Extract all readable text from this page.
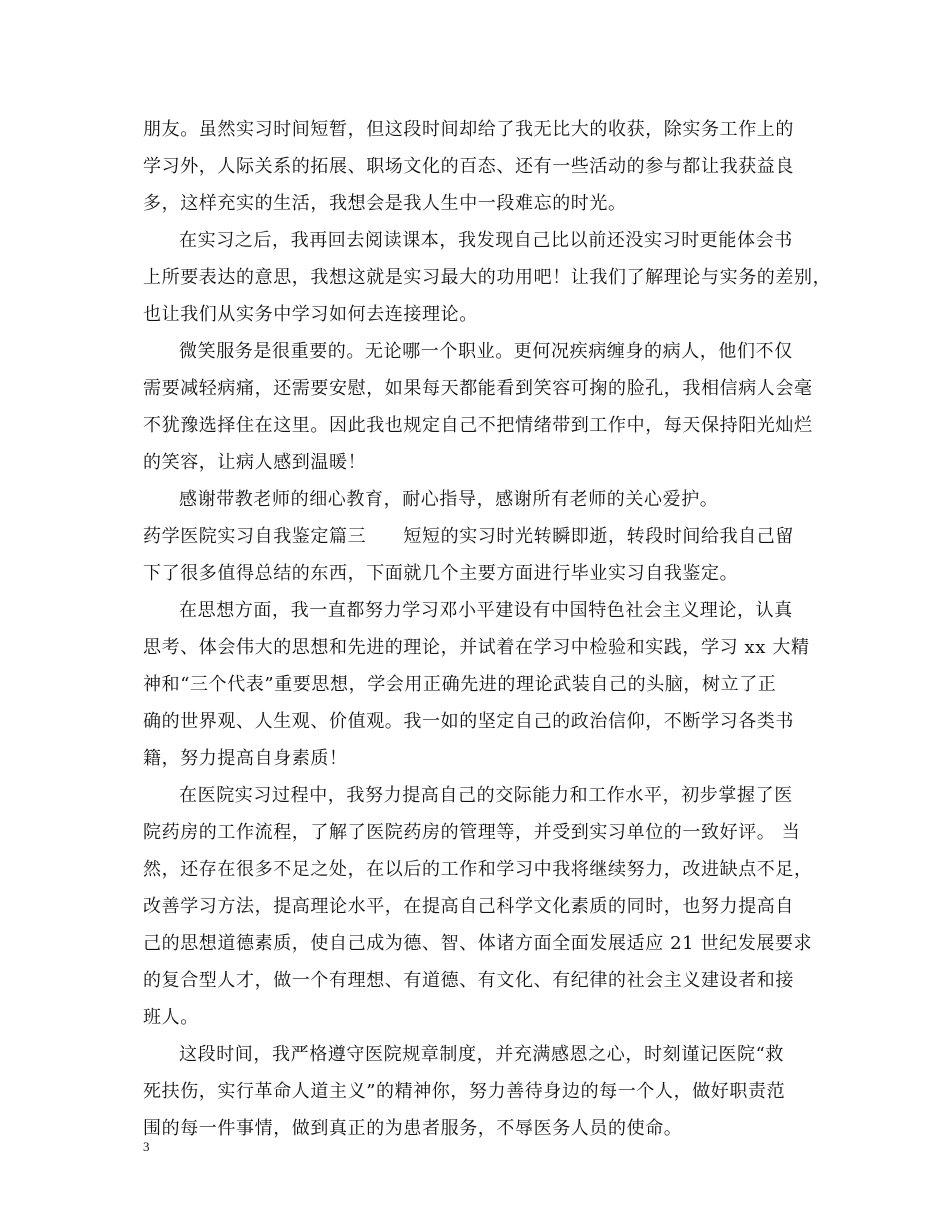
朋友。虽然实习时间短暂，但这段时间却给了我无比大的收获，除实务工作上的
学习外，人际关系的拓展、职场文化的百态、还有一些活动的参与都让我获益良
多，这样充实的生活，我想会是我人生中一段难忘的时光。
在实习之后，我再回去阅读课本，我发现自己比以前还没实习时更能体会书
上所要表达的意思，我想这就是实习最大的功用吧！让我们了解理论与实务的差别，
也让我们从实务中学习如何去连接理论。
微笑服务是很重要的。无论哪一个职业。更何况疾病缠身的病人，他们不仅
需要减轻病痛，还需要安慰，如果每天都能看到笑容可掬的脸孔，我相信病人会毫
不犹豫选择住在这里。因此我也规定自己不把情绪带到工作中，每天保持阳光灿烂
的笑容，让病人感到温暖！
感谢带教老师的细心教育，耐心指导，感谢所有老师的关心爱护。
药学医院实习自我鉴定篇三　　短短的实习时光转瞬即逝，转段时间给我自己留
下了很多值得总结的东西，下面就几个主要方面进行毕业实习自我鉴定。
在思想方面，我一直都努力学习邓小平建设有中国特色社会主义理论，认真
思考、体会伟大的思想和先进的理论，并试着在学习中检验和实践，学习 xx 大精
神和“三个代表”重要思想，学会用正确先进的理论武装自己的头脑，树立了正
确的世界观、人生观、价值观。我一如的坚定自己的政治信仰，不断学习各类书
籍，努力提高自身素质！
在医院实习过程中，我努力提高自己的交际能力和工作水平，初步掌握了医
院药房的工作流程，了解了医院药房的管理等，并受到实习单位的一致好评。 当
然，还存在很多不足之处，在以后的工作和学习中我将继续努力，改进缺点不足，
改善学习方法，提高理论水平，在提高自己科学文化素质的同时，也努力提高自
己的思想道德素质，使自己成为德、智、体诸方面全面发展适应 21 世纪发展要求
的复合型人才，做一个有理想、有道德、有文化、有纪律的社会主义建设者和接
班人。
这段时间，我严格遵守医院规章制度，并充满感恩之心，时刻谨记医院“救
死扶伤，实行革命人道主义”的精神你，努力善待身边的每一个人，做好职责范
围的每一件事情，做到真正的为患者服务，不辱医务人员的使命。
3
